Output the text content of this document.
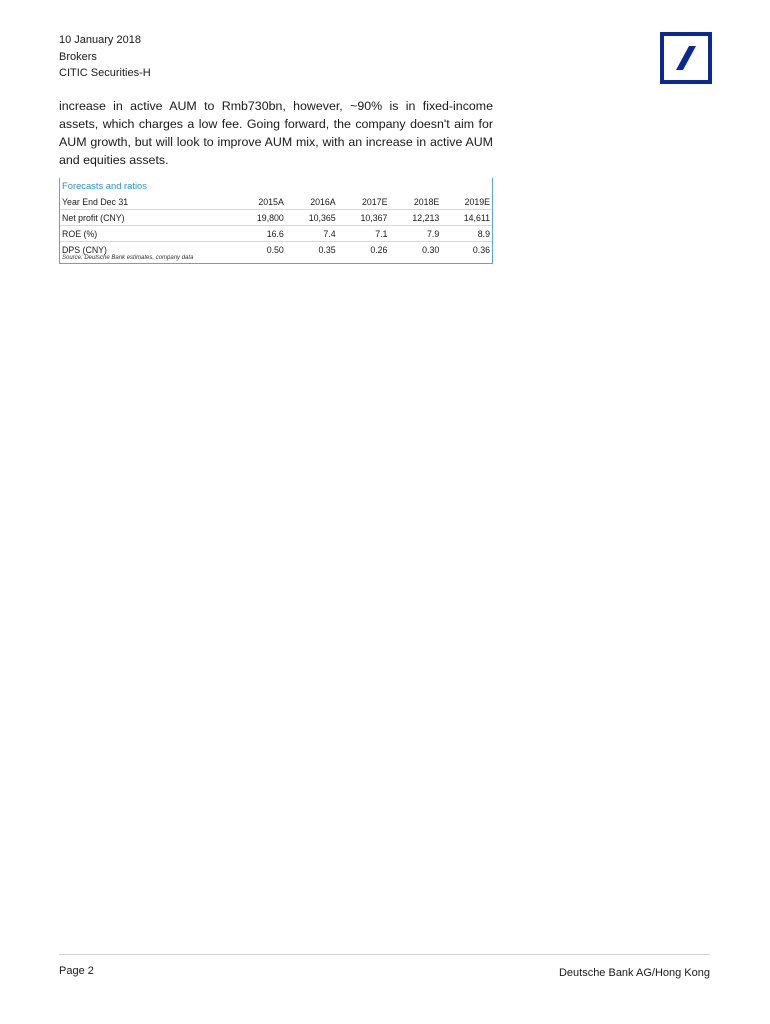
10 January 2018
Brokers
CITIC Securities-H

increase in active AUM to Rmb730bn, however, ~90% is in fixed-income assets, which charges a low fee. Going forward, the company doesn't aim for AUM growth, but will look to improve AUM mix, with an increase in active AUM and equities assets.

Forecasts and ratios
Year End Dec 31	2015A	2016A	2017E	2018E	2019E
Net profit (CNY)	19,800	10,365	10,367	12,213	14,611
ROE (%)	16.6	7.4	7.1	7.9	8.9
DPS (CNY)	0.50	0.35	0.26	0.30	0.36
Source: Deutsche Bank estimates, company data
Page 2	Deutsche Bank AG/Hong Kong
